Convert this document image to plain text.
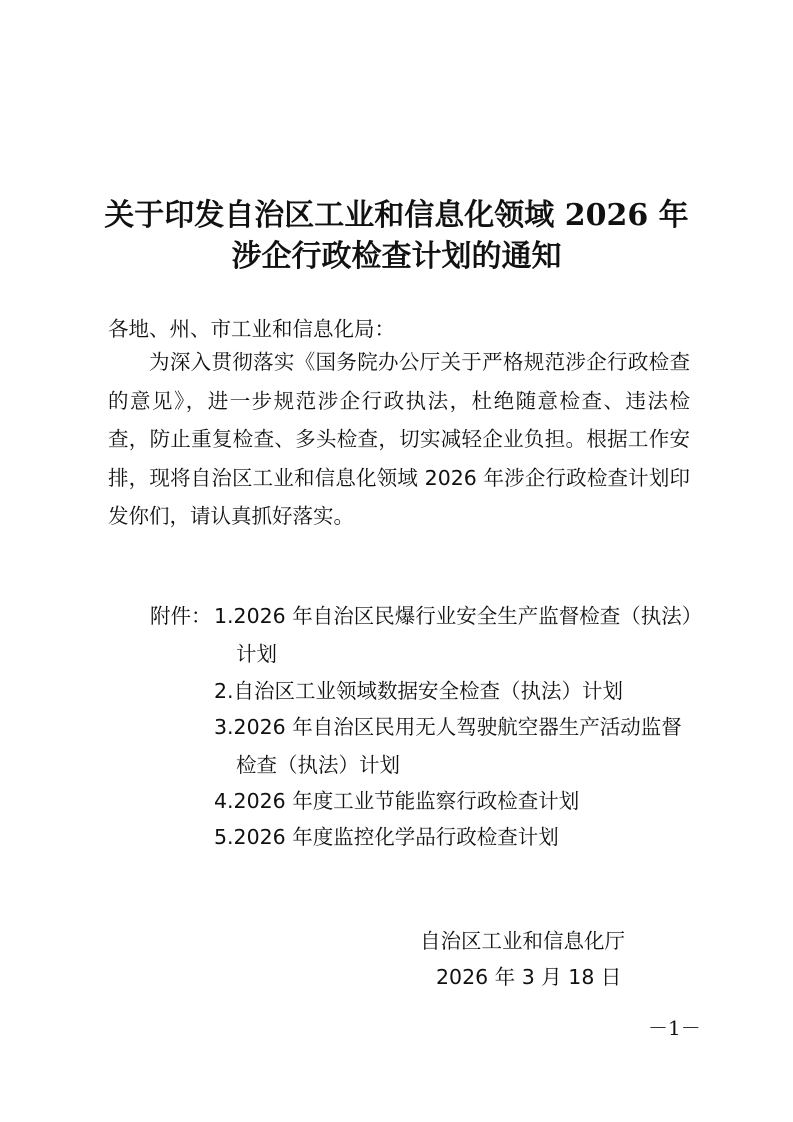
关于印发自治区工业和信息化领域 2026 年
涉企行政检查计划的通知
各地、州、市工业和信息化局：
为深入贯彻落实《国务院办公厅关于严格规范涉企行政检查的意见》，进一步规范涉企行政执法，杜绝随意检查、违法检查，防止重复检查、多头检查，切实减轻企业负担。根据工作安排，现将自治区工业和信息化领域 2026 年涉企行政检查计划印发你们，请认真抓好落实。
附件： 1.2026 年自治区民爆行业安全生产监督检查（执法）
计划
2.自治区工业领域数据安全检查（执法）计划
3.2026 年自治区民用无人驾驶航空器生产活动监督
检查（执法）计划
4.2026 年度工业节能监察行政检查计划
5.2026 年度监控化学品行政检查计划
自治区工业和信息化厅
2026 年 3 月 18 日
－1－
